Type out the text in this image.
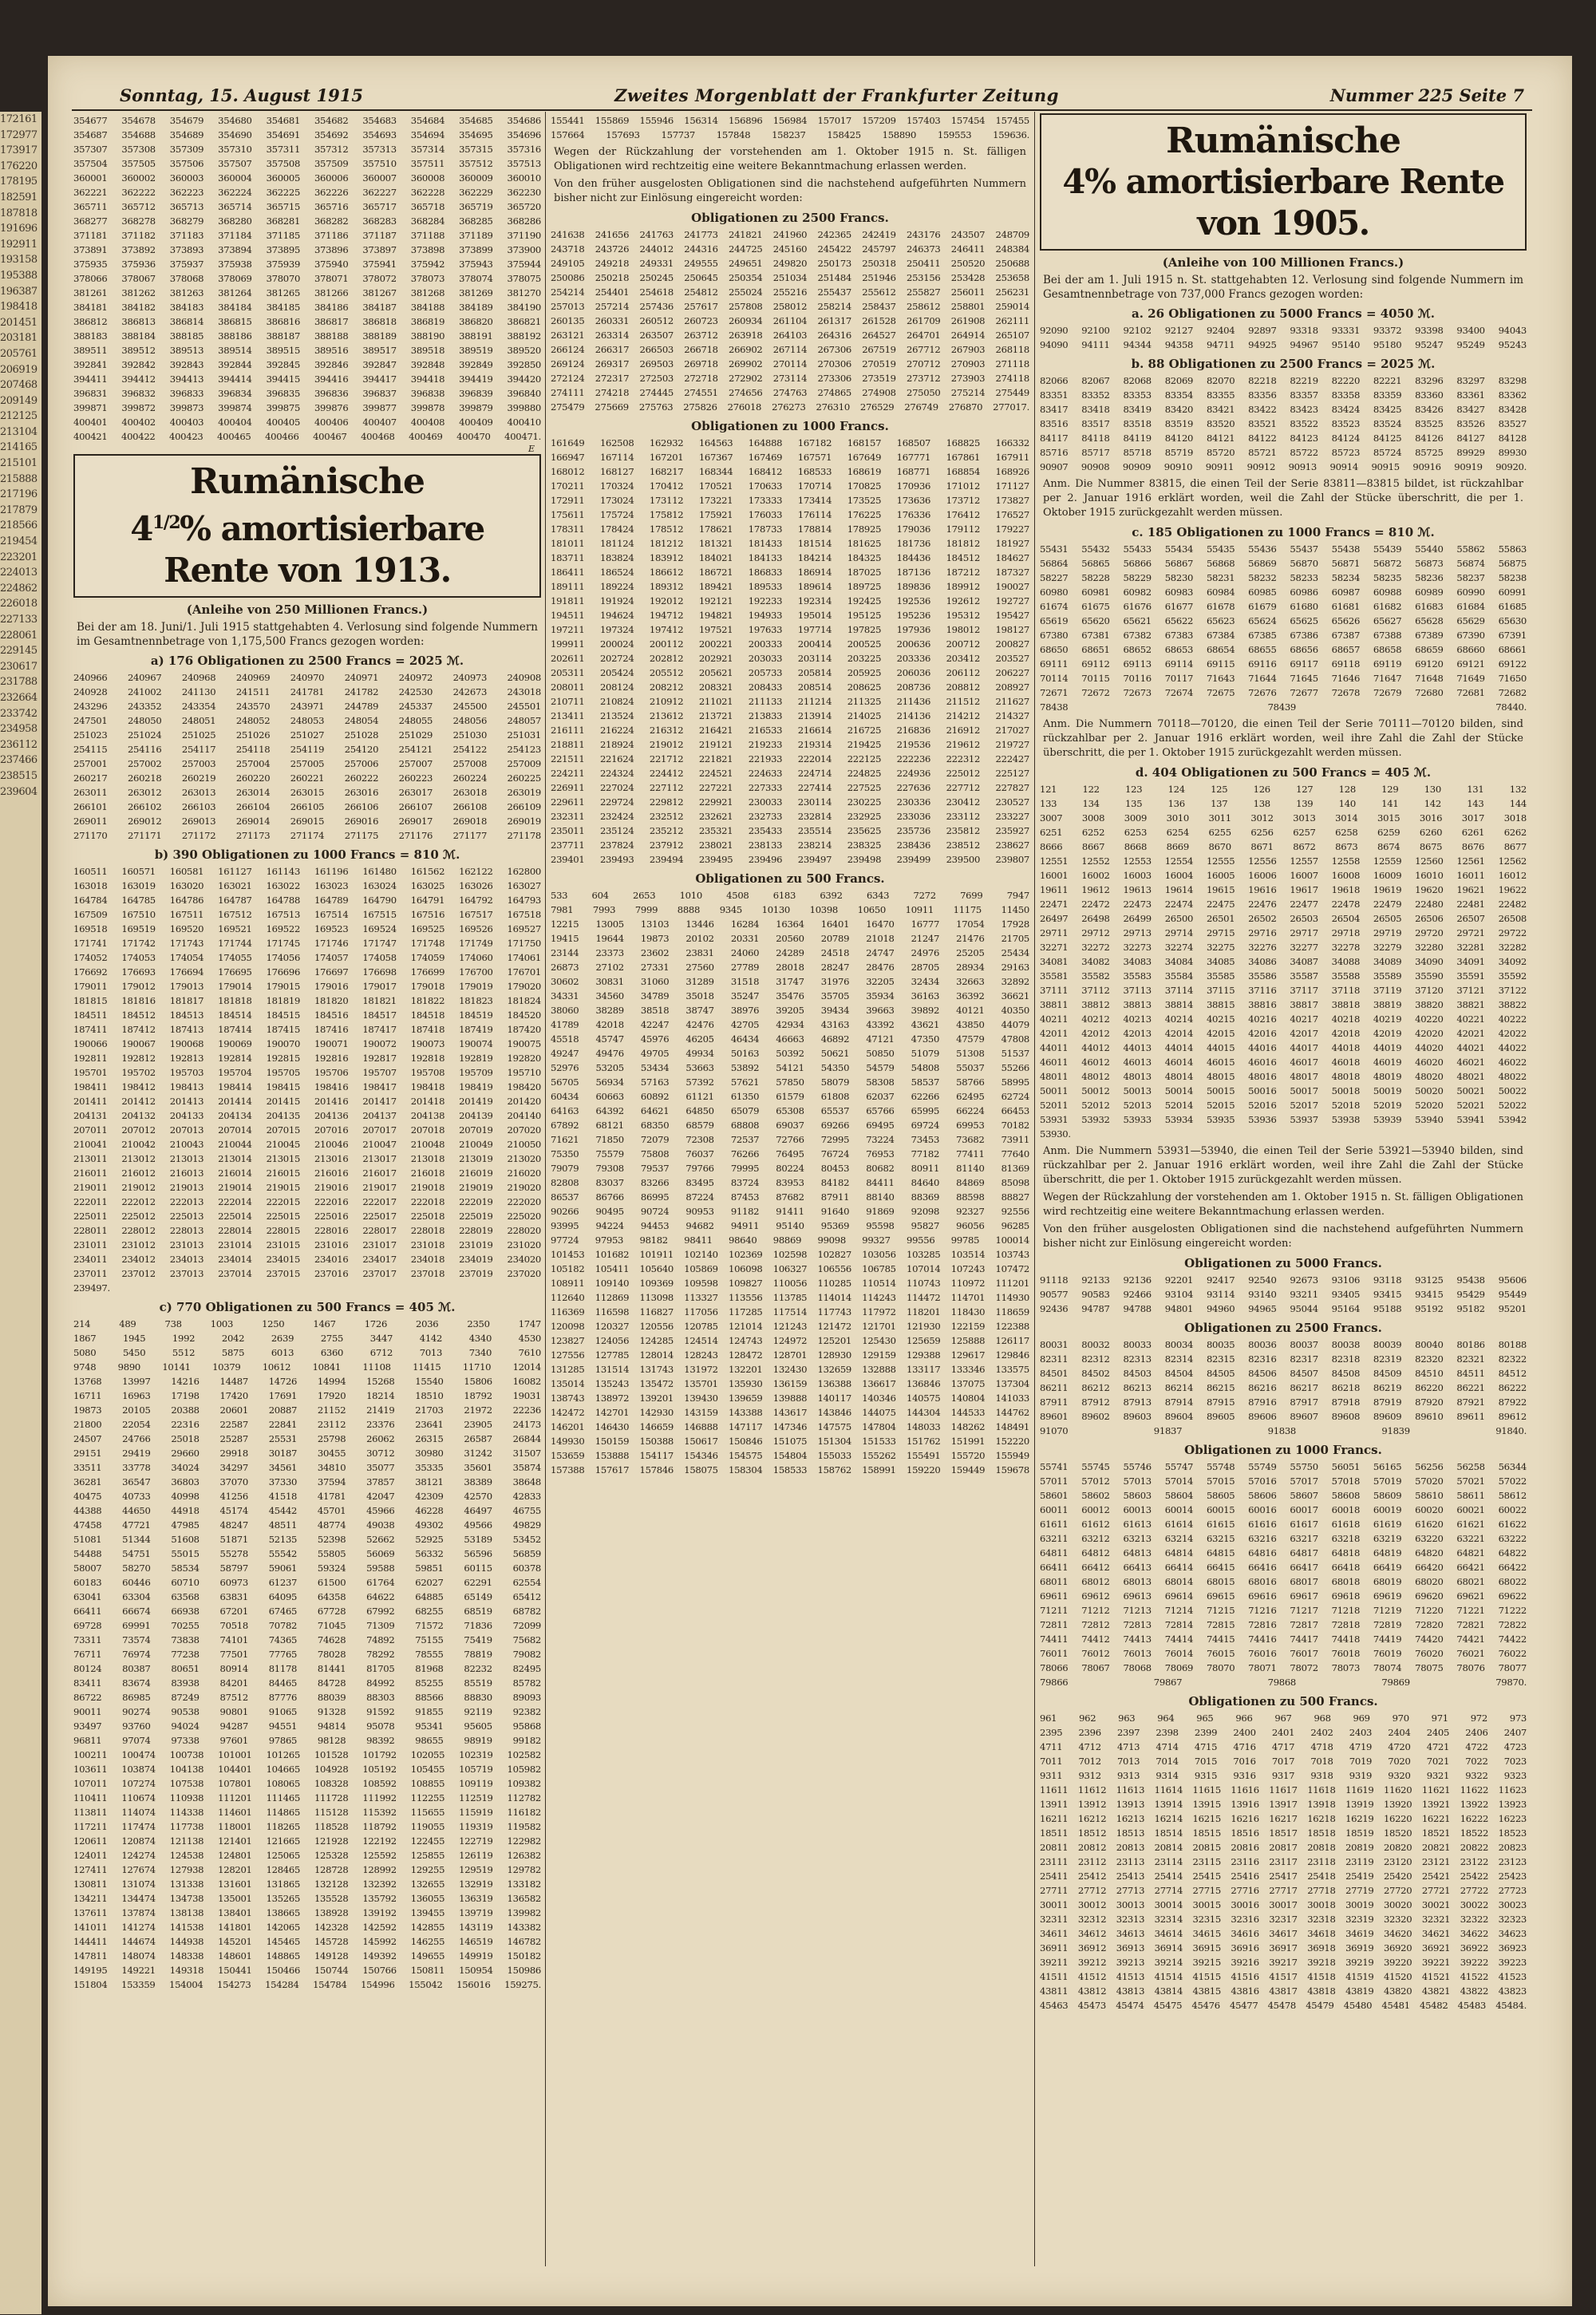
172161
172977
173917
176220
178195
182591
187818
191696
192911
193158
195388
196387
198418
201451
203181
205761
206919
207468
209149
212125
213104
214165
215101
215888
217196
217879
218566
219454
223201
224013
224862
226018
227133
228061
229145
230617
231788
232664
233742
234958
236112
237466
238515
239604
Sonntag, 15. August 1915	Zweites Morgenblatt der Frankfurter Zeitung	Nummer 225 Seite 7
354677 354678 354679 354680 354681 354682 354683 354684 354685 354686
354687 354688 354689 354690 354691 354692 354693 354694 354695 354696
357307 357308 357309 357310 357311 357312 357313 357314 357315 357316
357504 357505 357506 357507 357508 357509 357510 357511 357512 357513
360001 360002 360003 360004 360005 360006 360007 360008 360009 360010
362221 362222 362223 362224 362225 362226 362227 362228 362229 362230
365711 365712 365713 365714 365715 365716 365717 365718 365719 365720
368277 368278 368279 368280 368281 368282 368283 368284 368285 368286
371181 371182 371183 371184 371185 371186 371187 371188 371189 371190
373891 373892 373893 373894 373895 373896 373897 373898 373899 373900
375935 375936 375937 375938 375939 375940 375941 375942 375943 375944
378066 378067 378068 378069 378070 378071 378072 378073 378074 378075
381261 381262 381263 381264 381265 381266 381267 381268 381269 381270
384181 384182 384183 384184 384185 384186 384187 384188 384189 384190
386812 386813 386814 386815 386816 386817 386818 386819 386820 386821
388183 388184 388185 388186 388187 388188 388189 388190 388191 388192
389511 389512 389513 389514 389515 389516 389517 389518 389519 389520
392841 392842 392843 392844 392845 392846 392847 392848 392849 392850
394411 394412 394413 394414 394415 394416 394417 394418 394419 394420
396831 396832 396833 396834 396835 396836 396837 396838 396839 396840
399871 399872 399873 399874 399875 399876 399877 399878 399879 399880
400401 400402 400403 400404 400405 400406 400407 400408 400409 400410
400421 400422 400423 400465 400466 400467 400468 400469 400470 400471.
E
Rumänische
$4^{1/2}\%$ amortisierbare Rente von 1913.
(Anleihe von 250 Millionen Francs.)
Bei der am 18. Juni/1. Juli 1915 stattgehabten 4. Verlosung sind folgende Nummern im Gesamtnennbetrage von 1,175,500 Francs gezogen worden:
a) 176 Obligationen zu 2500 Francs = 2025 ℳ.
240966 240967 240968 240969 240970 240971 240972 240973 240908
240928 241002 241130 241511 241781 241782 242530 242673 243018
243296 243352 243354 243570 243971 244789 245337 245500 245501
247501 248050 248051 248052 248053 248054 248055 248056 248057
251023 251024 251025 251026 251027 251028 251029 251030 251031
254115 254116 254117 254118 254119 254120 254121 254122 254123
257001 257002 257003 257004 257005 257006 257007 257008 257009
260217 260218 260219 260220 260221 260222 260223 260224 260225
263011 263012 263013 263014 263015 263016 263017 263018 263019
266101 266102 266103 266104 266105 266106 266107 266108 266109
269011 269012 269013 269014 269015 269016 269017 269018 269019
271170 271171 271172 271173 271174 271175 271176 271177 271178
b) 390 Obligationen zu 1000 Francs = 810 ℳ.
160511 160571 160581 161127 161143 161196 161480 161562 162122 162800
163018 163019 163020 163021 163022 163023 163024 163025 163026 163027
164784 164785 164786 164787 164788 164789 164790 164791 164792 164793
167509 167510 167511 167512 167513 167514 167515 167516 167517 167518
169518 169519 169520 169521 169522 169523 169524 169525 169526 169527
171741 171742 171743 171744 171745 171746 171747 171748 171749 171750
174052 174053 174054 174055 174056 174057 174058 174059 174060 174061
176692 176693 176694 176695 176696 176697 176698 176699 176700 176701
179011 179012 179013 179014 179015 179016 179017 179018 179019 179020
181815 181816 181817 181818 181819 181820 181821 181822 181823 181824
184511 184512 184513 184514 184515 184516 184517 184518 184519 184520
187411 187412 187413 187414 187415 187416 187417 187418 187419 187420
190066 190067 190068 190069 190070 190071 190072 190073 190074 190075
192811 192812 192813 192814 192815 192816 192817 192818 192819 192820
195701 195702 195703 195704 195705 195706 195707 195708 195709 195710
198411 198412 198413 198414 198415 198416 198417 198418 198419 198420
201411 201412 201413 201414 201415 201416 201417 201418 201419 201420
204131 204132 204133 204134 204135 204136 204137 204138 204139 204140
207011 207012 207013 207014 207015 207016 207017 207018 207019 207020
210041 210042 210043 210044 210045 210046 210047 210048 210049 210050
213011 213012 213013 213014 213015 213016 213017 213018 213019 213020
216011 216012 216013 216014 216015 216016 216017 216018 216019 216020
219011 219012 219013 219014 219015 219016 219017 219018 219019 219020
222011 222012 222013 222014 222015 222016 222017 222018 222019 222020
225011 225012 225013 225014 225015 225016 225017 225018 225019 225020
228011 228012 228013 228014 228015 228016 228017 228018 228019 228020
231011 231012 231013 231014 231015 231016 231017 231018 231019 231020
234011 234012 234013 234014 234015 234016 234017 234018 234019 234020
237011 237012 237013 237014 237015 237016 237017 237018 237019 237020
239497.
c) 770 Obligationen zu 500 Francs = 405 ℳ.
214 489 738 1003 1250 1467 1726 2036 2350 1747
1867 1945 1992 2042 2639 2755 3447 4142 4340 4530
5080 5450 5512 5875 6013 6360 6712 7013 7340 7610
9748 9890 10141 10379 10612 10841 11108 11415 11710 12014
13768 13997 14216 14487 14726 14994 15268 15540 15806 16082
16711 16963 17198 17420 17691 17920 18214 18510 18792 19031
19873 20105 20388 20601 20887 21152 21419 21703 21972 22236
21800 22054 22316 22587 22841 23112 23376 23641 23905 24173
24507 24766 25018 25287 25531 25798 26062 26315 26587 26844
29151 29419 29660 29918 30187 30455 30712 30980 31242 31507
33511 33778 34024 34297 34561 34810 35077 35335 35601 35874
36281 36547 36803 37070 37330 37594 37857 38121 38389 38648
40475 40733 40998 41256 41518 41781 42047 42309 42570 42833
44388 44650 44918 45174 45442 45701 45966 46228 46497 46755
47458 47721 47985 48247 48511 48774 49038 49302 49566 49829
51081 51344 51608 51871 52135 52398 52662 52925 53189 53452
54488 54751 55015 55278 55542 55805 56069 56332 56596 56859
58007 58270 58534 58797 59061 59324 59588 59851 60115 60378
60183 60446 60710 60973 61237 61500 61764 62027 62291 62554
63041 63304 63568 63831 64095 64358 64622 64885 65149 65412
66411 66674 66938 67201 67465 67728 67992 68255 68519 68782
69728 69991 70255 70518 70782 71045 71309 71572 71836 72099
73311 73574 73838 74101 74365 74628 74892 75155 75419 75682
76711 76974 77238 77501 77765 78028 78292 78555 78819 79082
80124 80387 80651 80914 81178 81441 81705 81968 82232 82495
83411 83674 83938 84201 84465 84728 84992 85255 85519 85782
86722 86985 87249 87512 87776 88039 88303 88566 88830 89093
90011 90274 90538 90801 91065 91328 91592 91855 92119 92382
93497 93760 94024 94287 94551 94814 95078 95341 95605 95868
96811 97074 97338 97601 97865 98128 98392 98655 98919 99182
100211 100474 100738 101001 101265 101528 101792 102055 102319 102582
103611 103874 104138 104401 104665 104928 105192 105455 105719 105982
107011 107274 107538 107801 108065 108328 108592 108855 109119 109382
110411 110674 110938 111201 111465 111728 111992 112255 112519 112782
113811 114074 114338 114601 114865 115128 115392 115655 115919 116182
117211 117474 117738 118001 118265 118528 118792 119055 119319 119582
120611 120874 121138 121401 121665 121928 122192 122455 122719 122982
124011 124274 124538 124801 125065 125328 125592 125855 126119 126382
127411 127674 127938 128201 128465 128728 128992 129255 129519 129782
130811 131074 131338 131601 131865 132128 132392 132655 132919 133182
134211 134474 134738 135001 135265 135528 135792 136055 136319 136582
137611 137874 138138 138401 138665 138928 139192 139455 139719 139982
141011 141274 141538 141801 142065 142328 142592 142855 143119 143382
144411 144674 144938 145201 145465 145728 145992 146255 146519 146782
147811 148074 148338 148601 148865 149128 149392 149655 149919 150182
149195 149221 149318 150441 150466 150744 150766 150811 150954 150986
151804 153359 154004 154273 154284 154784 154996 155042 156016 159275.
155441 155869 155946 156314 156896 156984 157017 157209 157403 157454 157455
157664 157693 157737 157848 158237 158425 158890 159553 159636.
Wegen der Rückzahlung der vorstehenden am 1. Oktober 1915 n. St. fälligen Obligationen wird rechtzeitig eine weitere Bekanntmachung erlassen werden.
Von den früher ausgelosten Obligationen sind die nachstehend aufgeführten Nummern bisher nicht zur Einlösung eingereicht worden:
Obligationen zu 2500 Francs.
241638 241656 241763 241773 241821 241960 242365 242419 243176 243507 248709
243718 243726 244012 244316 244725 245160 245422 245797 246373 246411 248384
249105 249218 249331 249555 249651 249820 250173 250318 250411 250520 250688
250086 250218 250245 250645 250354 251034 251484 251946 253156 253428 253658
254214 254401 254618 254812 255024 255216 255437 255612 255827 256011 256231
257013 257214 257436 257617 257808 258012 258214 258437 258612 258801 259014
260135 260331 260512 260723 260934 261104 261317 261528 261709 261908 262111
263121 263314 263507 263712 263918 264103 264316 264527 264701 264914 265107
266124 266317 266503 266718 266902 267114 267306 267519 267712 267903 268118
269124 269317 269503 269718 269902 270114 270306 270519 270712 270903 271118
272124 272317 272503 272718 272902 273114 273306 273519 273712 273903 274118
274111 274218 274445 274551 274656 274763 274865 274908 275050 275214 275449
275479 275669 275763 275826 276018 276273 276310 276529 276749 276870 277017.
Obligationen zu 1000 Francs.
161649 162508 162932 164563 164888 167182 168157 168507 168825 166332
166947 167114 167201 167367 167469 167571 167649 167771 167861 167911
168012 168127 168217 168344 168412 168533 168619 168771 168854 168926
170211 170324 170412 170521 170633 170714 170825 170936 171012 171127
172911 173024 173112 173221 173333 173414 173525 173636 173712 173827
175611 175724 175812 175921 176033 176114 176225 176336 176412 176527
178311 178424 178512 178621 178733 178814 178925 179036 179112 179227
181011 181124 181212 181321 181433 181514 181625 181736 181812 181927
183711 183824 183912 184021 184133 184214 184325 184436 184512 184627
186411 186524 186612 186721 186833 186914 187025 187136 187212 187327
189111 189224 189312 189421 189533 189614 189725 189836 189912 190027
191811 191924 192012 192121 192233 192314 192425 192536 192612 192727
194511 194624 194712 194821 194933 195014 195125 195236 195312 195427
197211 197324 197412 197521 197633 197714 197825 197936 198012 198127
199911 200024 200112 200221 200333 200414 200525 200636 200712 200827
202611 202724 202812 202921 203033 203114 203225 203336 203412 203527
205311 205424 205512 205621 205733 205814 205925 206036 206112 206227
208011 208124 208212 208321 208433 208514 208625 208736 208812 208927
210711 210824 210912 211021 211133 211214 211325 211436 211512 211627
213411 213524 213612 213721 213833 213914 214025 214136 214212 214327
216111 216224 216312 216421 216533 216614 216725 216836 216912 217027
218811 218924 219012 219121 219233 219314 219425 219536 219612 219727
221511 221624 221712 221821 221933 222014 222125 222236 222312 222427
224211 224324 224412 224521 224633 224714 224825 224936 225012 225127
226911 227024 227112 227221 227333 227414 227525 227636 227712 227827
229611 229724 229812 229921 230033 230114 230225 230336 230412 230527
232311 232424 232512 232621 232733 232814 232925 233036 233112 233227
235011 235124 235212 235321 235433 235514 235625 235736 235812 235927
237711 237824 237912 238021 238133 238214 238325 238436 238512 238627
239401 239493 239494 239495 239496 239497 239498 239499 239500 239807
Obligationen zu 500 Francs.
533 604 2653 1010 4508 6183 6392 6343 7272 7699 7947
7981 7993 7999 8888 9345 10130 10398 10650 10911 11175 11450
12215 13005 13103 13446 16284 16364 16401 16470 16777 17054 17928
19415 19644 19873 20102 20331 20560 20789 21018 21247 21476 21705
23144 23373 23602 23831 24060 24289 24518 24747 24976 25205 25434
26873 27102 27331 27560 27789 28018 28247 28476 28705 28934 29163
30602 30831 31060 31289 31518 31747 31976 32205 32434 32663 32892
34331 34560 34789 35018 35247 35476 35705 35934 36163 36392 36621
38060 38289 38518 38747 38976 39205 39434 39663 39892 40121 40350
41789 42018 42247 42476 42705 42934 43163 43392 43621 43850 44079
45518 45747 45976 46205 46434 46663 46892 47121 47350 47579 47808
49247 49476 49705 49934 50163 50392 50621 50850 51079 51308 51537
52976 53205 53434 53663 53892 54121 54350 54579 54808 55037 55266
56705 56934 57163 57392 57621 57850 58079 58308 58537 58766 58995
60434 60663 60892 61121 61350 61579 61808 62037 62266 62495 62724
64163 64392 64621 64850 65079 65308 65537 65766 65995 66224 66453
67892 68121 68350 68579 68808 69037 69266 69495 69724 69953 70182
71621 71850 72079 72308 72537 72766 72995 73224 73453 73682 73911
75350 75579 75808 76037 76266 76495 76724 76953 77182 77411 77640
79079 79308 79537 79766 79995 80224 80453 80682 80911 81140 81369
82808 83037 83266 83495 83724 83953 84182 84411 84640 84869 85098
86537 86766 86995 87224 87453 87682 87911 88140 88369 88598 88827
90266 90495 90724 90953 91182 91411 91640 91869 92098 92327 92556
93995 94224 94453 94682 94911 95140 95369 95598 95827 96056 96285
97724 97953 98182 98411 98640 98869 99098 99327 99556 99785 100014
101453 101682 101911 102140 102369 102598 102827 103056 103285 103514 103743
105182 105411 105640 105869 106098 106327 106556 106785 107014 107243 107472
108911 109140 109369 109598 109827 110056 110285 110514 110743 110972 111201
112640 112869 113098 113327 113556 113785 114014 114243 114472 114701 114930
116369 116598 116827 117056 117285 117514 117743 117972 118201 118430 118659
120098 120327 120556 120785 121014 121243 121472 121701 121930 122159 122388
123827 124056 124285 124514 124743 124972 125201 125430 125659 125888 126117
127556 127785 128014 128243 128472 128701 128930 129159 129388 129617 129846
131285 131514 131743 131972 132201 132430 132659 132888 133117 133346 133575
135014 135243 135472 135701 135930 136159 136388 136617 136846 137075 137304
138743 138972 139201 139430 139659 139888 140117 140346 140575 140804 141033
142472 142701 142930 143159 143388 143617 143846 144075 144304 144533 144762
146201 146430 146659 146888 147117 147346 147575 147804 148033 148262 148491
149930 150159 150388 150617 150846 151075 151304 151533 151762 151991 152220
153659 153888 154117 154346 154575 154804 155033 155262 155491 155720 155949
157388 157617 157846 158075 158304 158533 158762 158991 159220 159449 159678
Rumänische
4% amortisierbare Rente von 1905.
(Anleihe von 100 Millionen Francs.)
Bei der am 1. Juli 1915 n. St. stattgehabten 12. Verlosung sind folgende Nummern im Gesamtnennbetrage von 737,000 Francs gezogen worden:
a. 26 Obligationen zu 5000 Francs = 4050 ℳ.
92090 92100 92102 92127 92404 92897 93318 93331 93372 93398 93400 94043
94090 94111 94344 94358 94711 94925 94967 95140 95180 95247 95249 95243
b. 88 Obligationen zu 2500 Francs = 2025 ℳ.
82066 82067 82068 82069 82070 82218 82219 82220 82221 83296 83297 83298
83351 83352 83353 83354 83355 83356 83357 83358 83359 83360 83361 83362
83417 83418 83419 83420 83421 83422 83423 83424 83425 83426 83427 83428
83516 83517 83518 83519 83520 83521 83522 83523 83524 83525 83526 83527
84117 84118 84119 84120 84121 84122 84123 84124 84125 84126 84127 84128
85716 85717 85718 85719 85720 85721 85722 85723 85724 85725 89929 89930
90907 90908 90909 90910 90911 90912 90913 90914 90915 90916 90919 90920.
Anm. Die Nummer 83815, die einen Teil der Serie 83811—83815 bildet, ist rückzahlbar per 2. Januar 1916 erklärt worden, weil die Zahl der Stücke überschritt, die per 1. Oktober 1915 zurückgezahlt werden müssen.
c. 185 Obligationen zu 1000 Francs = 810 ℳ.
55431 55432 55433 55434 55435 55436 55437 55438 55439 55440 55862 55863
56864 56865 56866 56867 56868 56869 56870 56871 56872 56873 56874 56875
58227 58228 58229 58230 58231 58232 58233 58234 58235 58236 58237 58238
60980 60981 60982 60983 60984 60985 60986 60987 60988 60989 60990 60991
61674 61675 61676 61677 61678 61679 61680 61681 61682 61683 61684 61685
65619 65620 65621 65622 65623 65624 65625 65626 65627 65628 65629 65630
67380 67381 67382 67383 67384 67385 67386 67387 67388 67389 67390 67391
68650 68651 68652 68653 68654 68655 68656 68657 68658 68659 68660 68661
69111 69112 69113 69114 69115 69116 69117 69118 69119 69120 69121 69122
70114 70115 70116 70117 71643 71644 71645 71646 71647 71648 71649 71650
72671 72672 72673 72674 72675 72676 72677 72678 72679 72680 72681 72682
78438 78439 78440.
Anm. Die Nummern 70118—70120, die einen Teil der Serie 70111—70120 bilden, sind rückzahlbar per 2. Januar 1916 erklärt worden, weil ihre Zahl die Zahl der Stücke überschritt, die per 1. Oktober 1915 zurückgezahlt werden müssen.
d. 404 Obligationen zu 500 Francs = 405 ℳ.
121 122 123 124 125 126 127 128 129 130 131 132
133 134 135 136 137 138 139 140 141 142 143 144
3007 3008 3009 3010 3011 3012 3013 3014 3015 3016 3017 3018
6251 6252 6253 6254 6255 6256 6257 6258 6259 6260 6261 6262
8666 8667 8668 8669 8670 8671 8672 8673 8674 8675 8676 8677
12551 12552 12553 12554 12555 12556 12557 12558 12559 12560 12561 12562
16001 16002 16003 16004 16005 16006 16007 16008 16009 16010 16011 16012
19611 19612 19613 19614 19615 19616 19617 19618 19619 19620 19621 19622
22471 22472 22473 22474 22475 22476 22477 22478 22479 22480 22481 22482
26497 26498 26499 26500 26501 26502 26503 26504 26505 26506 26507 26508
29711 29712 29713 29714 29715 29716 29717 29718 29719 29720 29721 29722
32271 32272 32273 32274 32275 32276 32277 32278 32279 32280 32281 32282
34081 34082 34083 34084 34085 34086 34087 34088 34089 34090 34091 34092
35581 35582 35583 35584 35585 35586 35587 35588 35589 35590 35591 35592
37111 37112 37113 37114 37115 37116 37117 37118 37119 37120 37121 37122
38811 38812 38813 38814 38815 38816 38817 38818 38819 38820 38821 38822
40211 40212 40213 40214 40215 40216 40217 40218 40219 40220 40221 40222
42011 42012 42013 42014 42015 42016 42017 42018 42019 42020 42021 42022
44011 44012 44013 44014 44015 44016 44017 44018 44019 44020 44021 44022
46011 46012 46013 46014 46015 46016 46017 46018 46019 46020 46021 46022
48011 48012 48013 48014 48015 48016 48017 48018 48019 48020 48021 48022
50011 50012 50013 50014 50015 50016 50017 50018 50019 50020 50021 50022
52011 52012 52013 52014 52015 52016 52017 52018 52019 52020 52021 52022
53931 53932 53933 53934 53935 53936 53937 53938 53939 53940 53941 53942
53930.
Anm. Die Nummern 53931—53940, die einen Teil der Serie 53921—53940 bilden, sind rückzahlbar per 2. Januar 1916 erklärt worden, weil ihre Zahl die Zahl der Stücke überschritt, die per 1. Oktober 1915 zurückgezahlt werden müssen.
Wegen der Rückzahlung der vorstehenden am 1. Oktober 1915 n. St. fälligen Obligationen wird rechtzeitig eine weitere Bekanntmachung erlassen werden.
Von den früher ausgelosten Obligationen sind die nachstehend aufgeführten Nummern bisher nicht zur Einlösung eingereicht worden:
Obligationen zu 5000 Francs.
91118 92133 92136 92201 92417 92540 92673 93106 93118 93125 95438 95606
90577 90583 92466 93104 93114 93140 93211 93405 93415 93415 95429 95449
92436 94787 94788 94801 94960 94965 95044 95164 95188 95192 95182 95201
Obligationen zu 2500 Francs.
80031 80032 80033 80034 80035 80036 80037 80038 80039 80040 80186 80188
82311 82312 82313 82314 82315 82316 82317 82318 82319 82320 82321 82322
84501 84502 84503 84504 84505 84506 84507 84508 84509 84510 84511 84512
86211 86212 86213 86214 86215 86216 86217 86218 86219 86220 86221 86222
87911 87912 87913 87914 87915 87916 87917 87918 87919 87920 87921 87922
89601 89602 89603 89604 89605 89606 89607 89608 89609 89610 89611 89612
91070 91837 91838 91839 91840.
Obligationen zu 1000 Francs.
55741 55745 55746 55747 55748 55749 55750 56051 56165 56256 56258 56344
57011 57012 57013 57014 57015 57016 57017 57018 57019 57020 57021 57022
58601 58602 58603 58604 58605 58606 58607 58608 58609 58610 58611 58612
60011 60012 60013 60014 60015 60016 60017 60018 60019 60020 60021 60022
61611 61612 61613 61614 61615 61616 61617 61618 61619 61620 61621 61622
63211 63212 63213 63214 63215 63216 63217 63218 63219 63220 63221 63222
64811 64812 64813 64814 64815 64816 64817 64818 64819 64820 64821 64822
66411 66412 66413 66414 66415 66416 66417 66418 66419 66420 66421 66422
68011 68012 68013 68014 68015 68016 68017 68018 68019 68020 68021 68022
69611 69612 69613 69614 69615 69616 69617 69618 69619 69620 69621 69622
71211 71212 71213 71214 71215 71216 71217 71218 71219 71220 71221 71222
72811 72812 72813 72814 72815 72816 72817 72818 72819 72820 72821 72822
74411 74412 74413 74414 74415 74416 74417 74418 74419 74420 74421 74422
76011 76012 76013 76014 76015 76016 76017 76018 76019 76020 76021 76022
78066 78067 78068 78069 78070 78071 78072 78073 78074 78075 78076 78077
79866 79867 79868 79869 79870.
Obligationen zu 500 Francs.
961 962 963 964 965 966 967 968 969 970 971 972 973
2395 2396 2397 2398 2399 2400 2401 2402 2403 2404 2405 2406 2407
4711 4712 4713 4714 4715 4716 4717 4718 4719 4720 4721 4722 4723
7011 7012 7013 7014 7015 7016 7017 7018 7019 7020 7021 7022 7023
9311 9312 9313 9314 9315 9316 9317 9318 9319 9320 9321 9322 9323
11611 11612 11613 11614 11615 11616 11617 11618 11619 11620 11621 11622 11623
13911 13912 13913 13914 13915 13916 13917 13918 13919 13920 13921 13922 13923
16211 16212 16213 16214 16215 16216 16217 16218 16219 16220 16221 16222 16223
18511 18512 18513 18514 18515 18516 18517 18518 18519 18520 18521 18522 18523
20811 20812 20813 20814 20815 20816 20817 20818 20819 20820 20821 20822 20823
23111 23112 23113 23114 23115 23116 23117 23118 23119 23120 23121 23122 23123
25411 25412 25413 25414 25415 25416 25417 25418 25419 25420 25421 25422 25423
27711 27712 27713 27714 27715 27716 27717 27718 27719 27720 27721 27722 27723
30011 30012 30013 30014 30015 30016 30017 30018 30019 30020 30021 30022 30023
32311 32312 32313 32314 32315 32316 32317 32318 32319 32320 32321 32322 32323
34611 34612 34613 34614 34615 34616 34617 34618 34619 34620 34621 34622 34623
36911 36912 36913 36914 36915 36916 36917 36918 36919 36920 36921 36922 36923
39211 39212 39213 39214 39215 39216 39217 39218 39219 39220 39221 39222 39223
41511 41512 41513 41514 41515 41516 41517 41518 41519 41520 41521 41522 41523
43811 43812 43813 43814 43815 43816 43817 43818 43819 43820 43821 43822 43823
45463 45473 45474 45475 45476 45477 45478 45479 45480 45481 45482 45483 45484.
